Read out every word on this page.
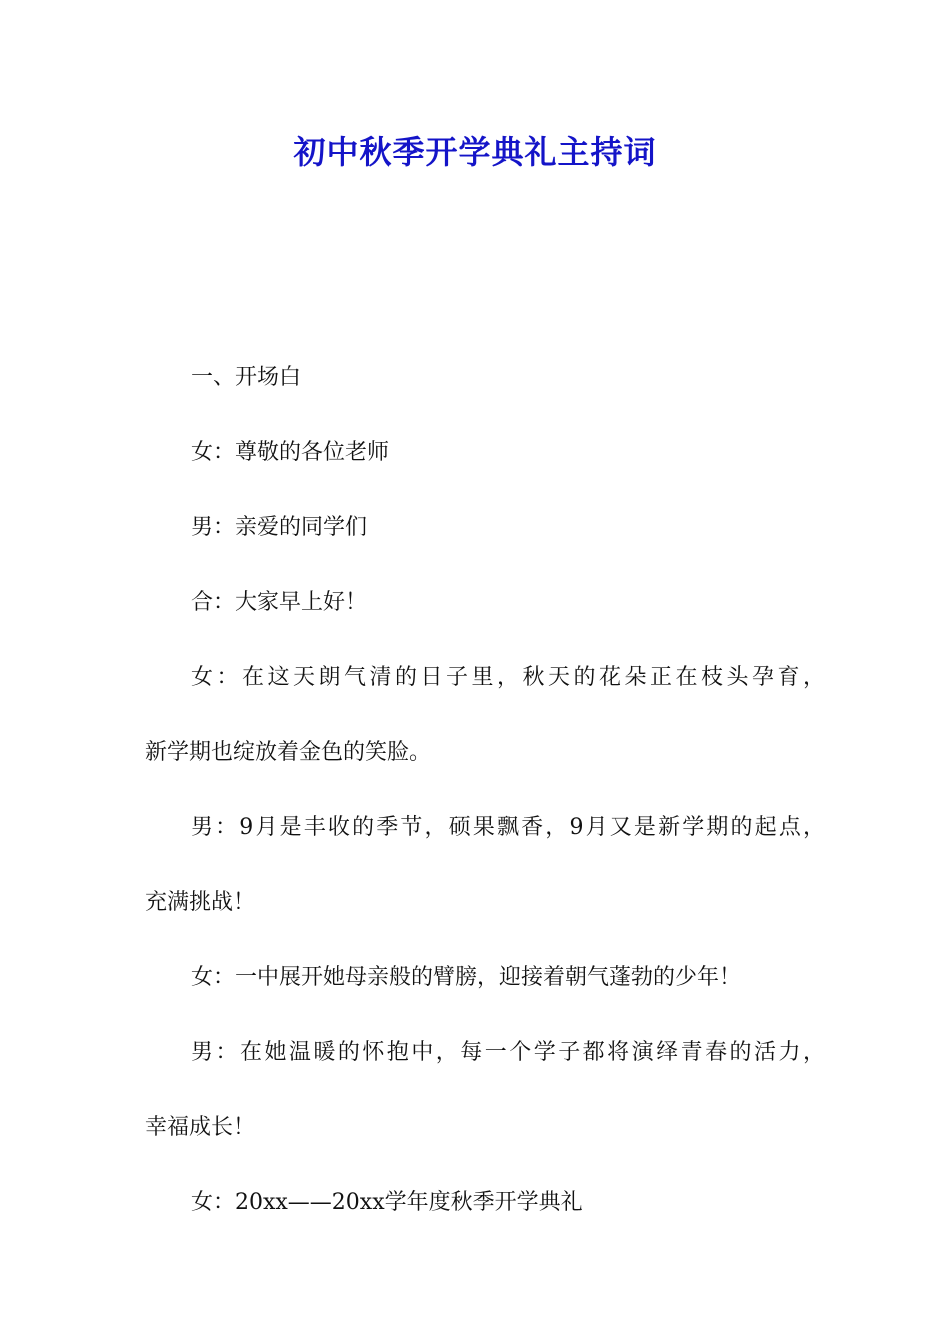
初中秋季开学典礼主持词

一、开场白

女：尊敬的各位老师

男：亲爱的同学们

合：大家早上好！

女：在这天朗气清的日子里，秋天的花朵正在枝头孕育，

新学期也绽放着金色的笑脸。

男：9月是丰收的季节，硕果飘香，9月又是新学期的起点，

充满挑战！

女：一中展开她母亲般的臂膀，迎接着朝气蓬勃的少年！

男：在她温暖的怀抱中，每一个学子都将演绎青春的活力，

幸福成长！

女：20xx——20xx学年度秋季开学典礼
